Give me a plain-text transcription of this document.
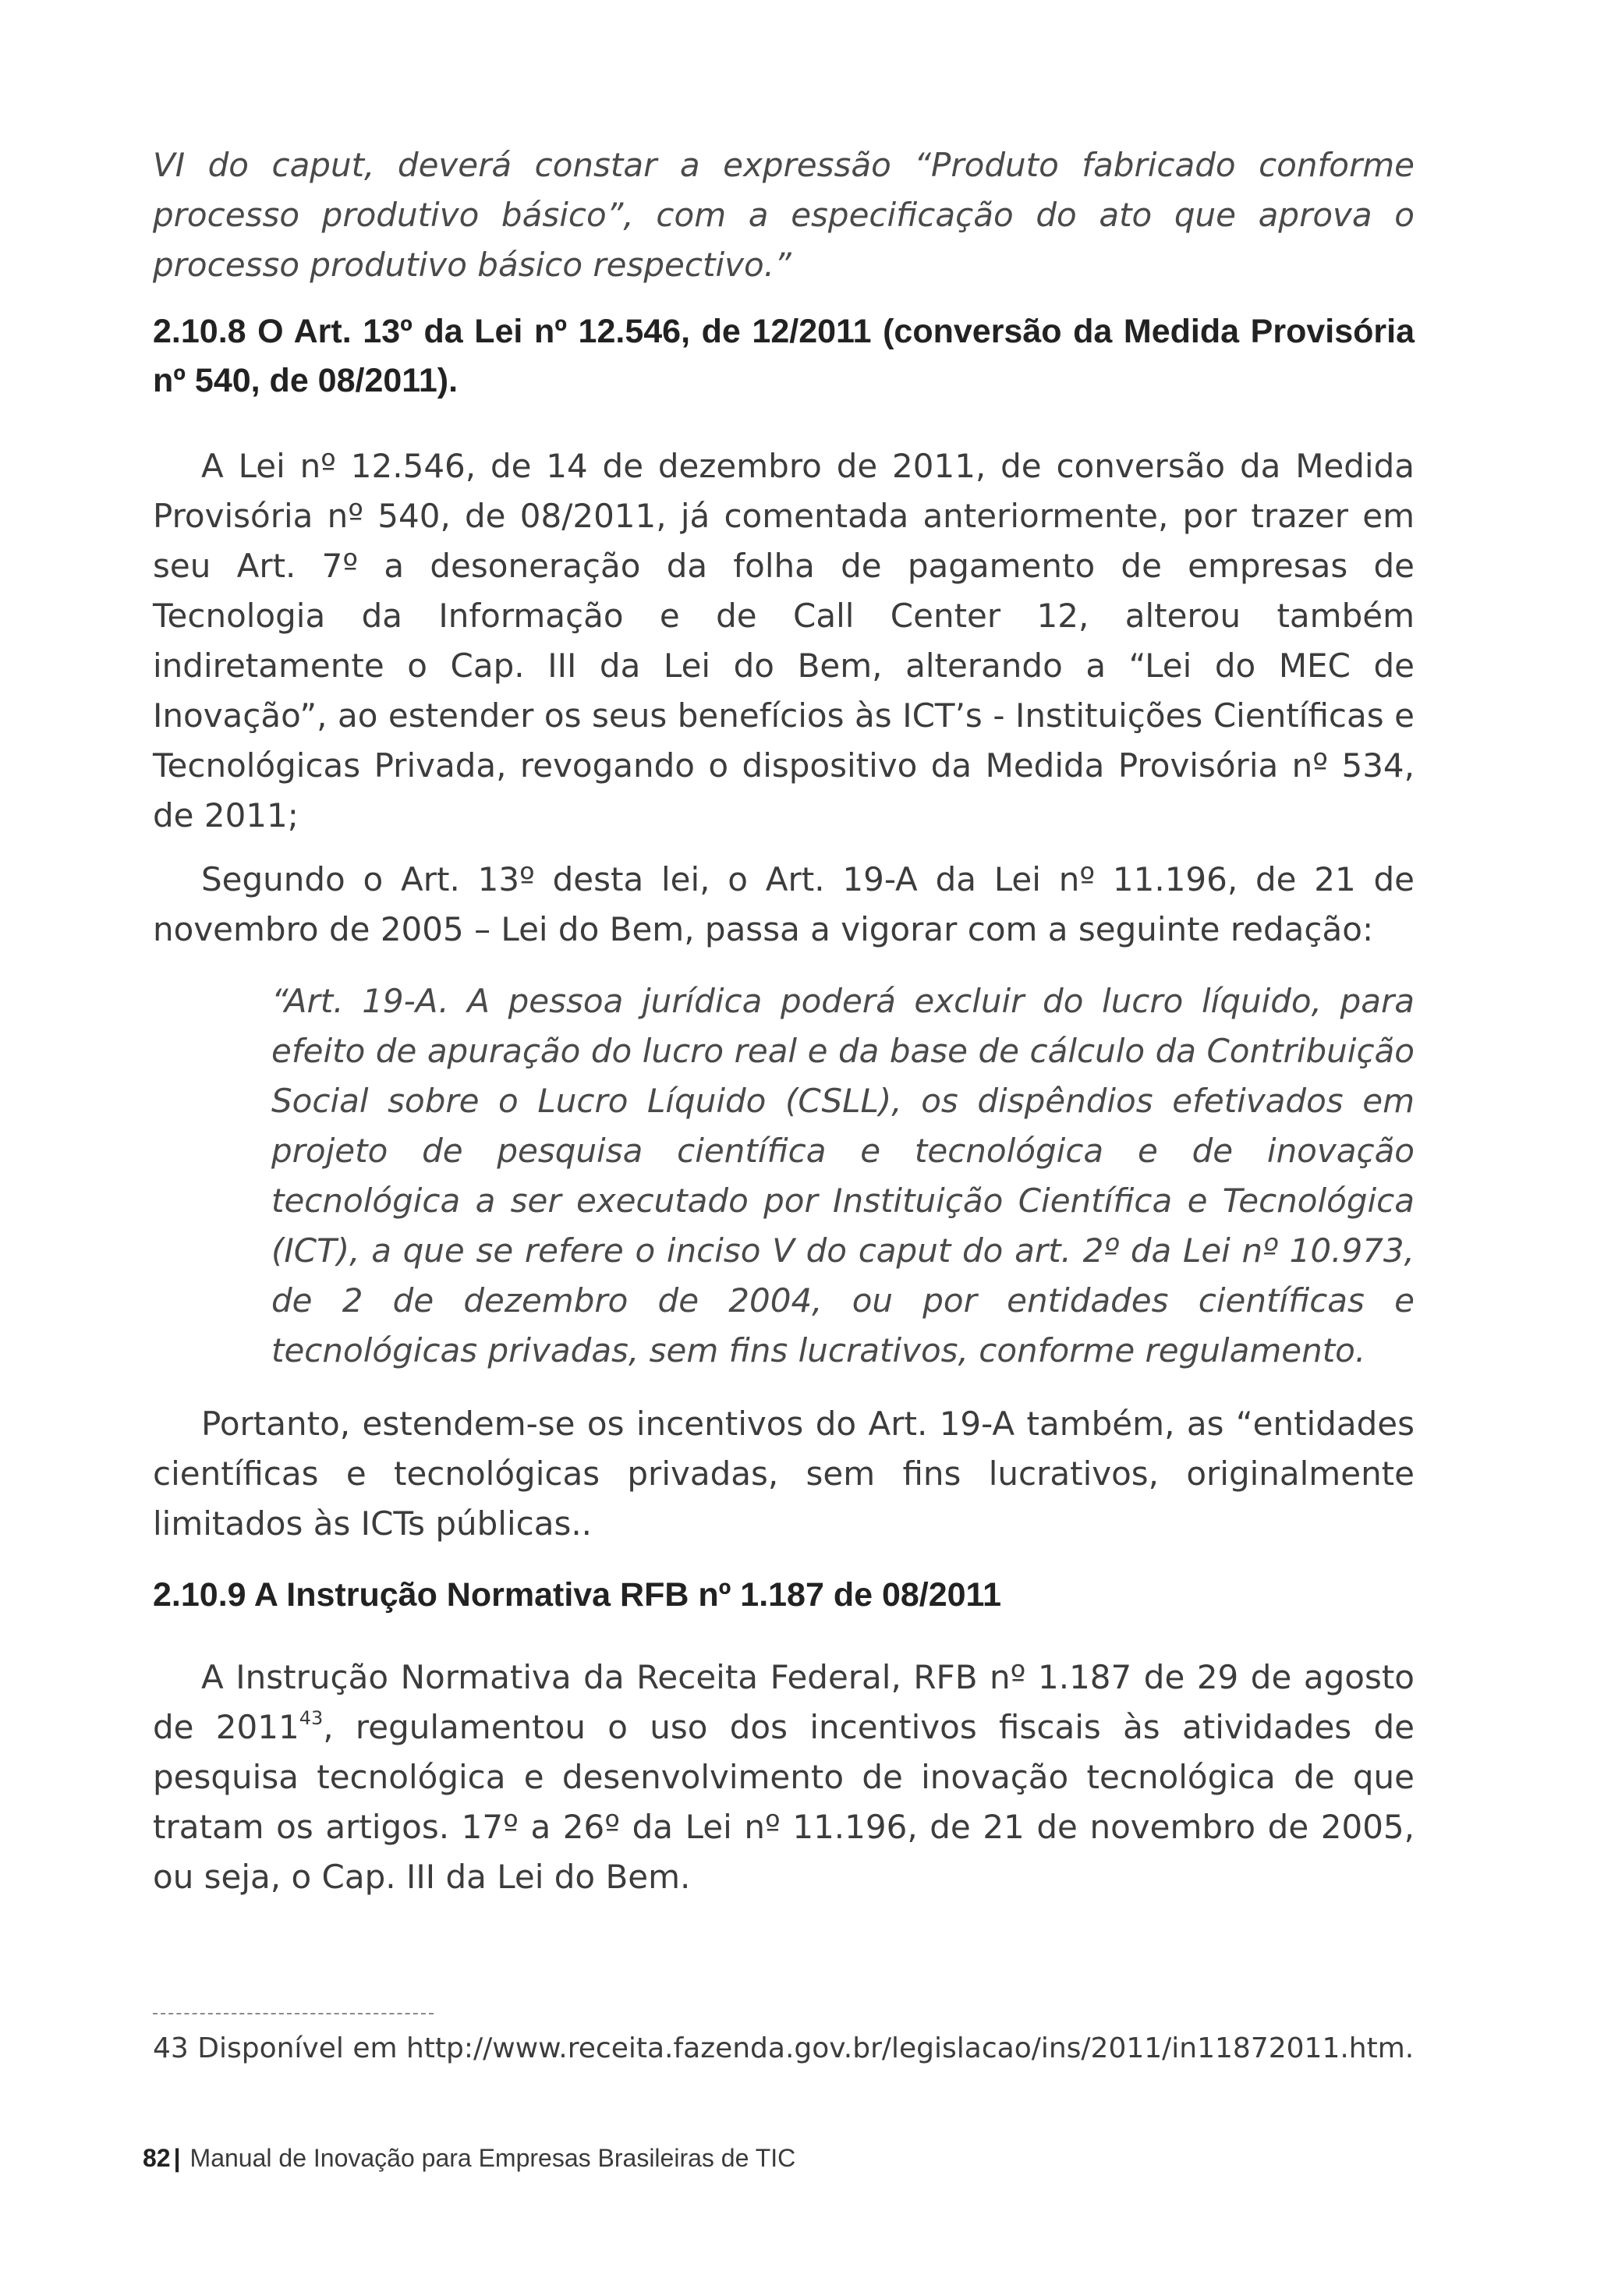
VI do caput, deverá constar a expressão “Produto fabricado conforme processo produtivo básico”, com a especificação do ato que aprova o processo produtivo básico respectivo.”

2.10.8 O Art. 13º da Lei nº 12.546, de 12/2011 (conversão da Medida Provisória nº 540, de 08/2011).

A Lei nº 12.546, de 14 de dezembro de 2011, de conversão da Medida Provisória nº 540, de 08/2011, já comentada anteriormente, por trazer em seu Art. 7º a desoneração da folha de pagamento de empresas de Tecnologia da Informação e de Call Center 12, alterou também indiretamente o Cap. III da Lei do Bem, alterando a “Lei do MEC de Inovação”, ao estender os seus benefícios às ICT’s - Instituições Científicas e Tecnológicas Privada, revogando o dispositivo da Medida Provisória nº 534, de 2011;

Segundo o Art. 13º desta lei, o Art. 19-A da Lei nº 11.196, de 21 de novembro de 2005 – Lei do Bem, passa a vigorar com a seguinte redação:

“Art. 19-A. A pessoa jurídica poderá excluir do lucro líquido, para efeito de apuração do lucro real e da base de cálculo da Contribuição Social sobre o Lucro Líquido (CSLL), os dispêndios efetivados em projeto de pesquisa científica e tecnológica e de inovação tecnológica a ser executado por Instituição Científica e Tecnológica (ICT), a que se refere o inciso V do caput do art. 2º da Lei nº 10.973, de 2 de dezembro de 2004, ou por entidades científicas e tecnológicas privadas, sem fins lucrativos, conforme regulamento.

Portanto, estendem-se os incentivos do Art. 19-A também, as “entidades científicas e tecnológicas privadas, sem fins lucrativos, originalmente limitados às ICTs públicas..

2.10.9 A Instrução Normativa RFB nº 1.187 de 08/2011

A Instrução Normativa da Receita Federal, RFB nº 1.187 de 29 de agosto de 2011$^{43}$, regulamentou o uso dos incentivos fiscais às atividades de pesquisa tecnológica e desenvolvimento de inovação tecnológica de que tratam os artigos. 17º a 26º da Lei nº 11.196, de 21 de novembro de 2005, ou seja, o Cap. III da Lei do Bem.

43 Disponível em http://www.receita.fazenda.gov.br/legislacao/ins/2011/in11872011.htm.

82 | Manual de Inovação para Empresas Brasileiras de TIC
